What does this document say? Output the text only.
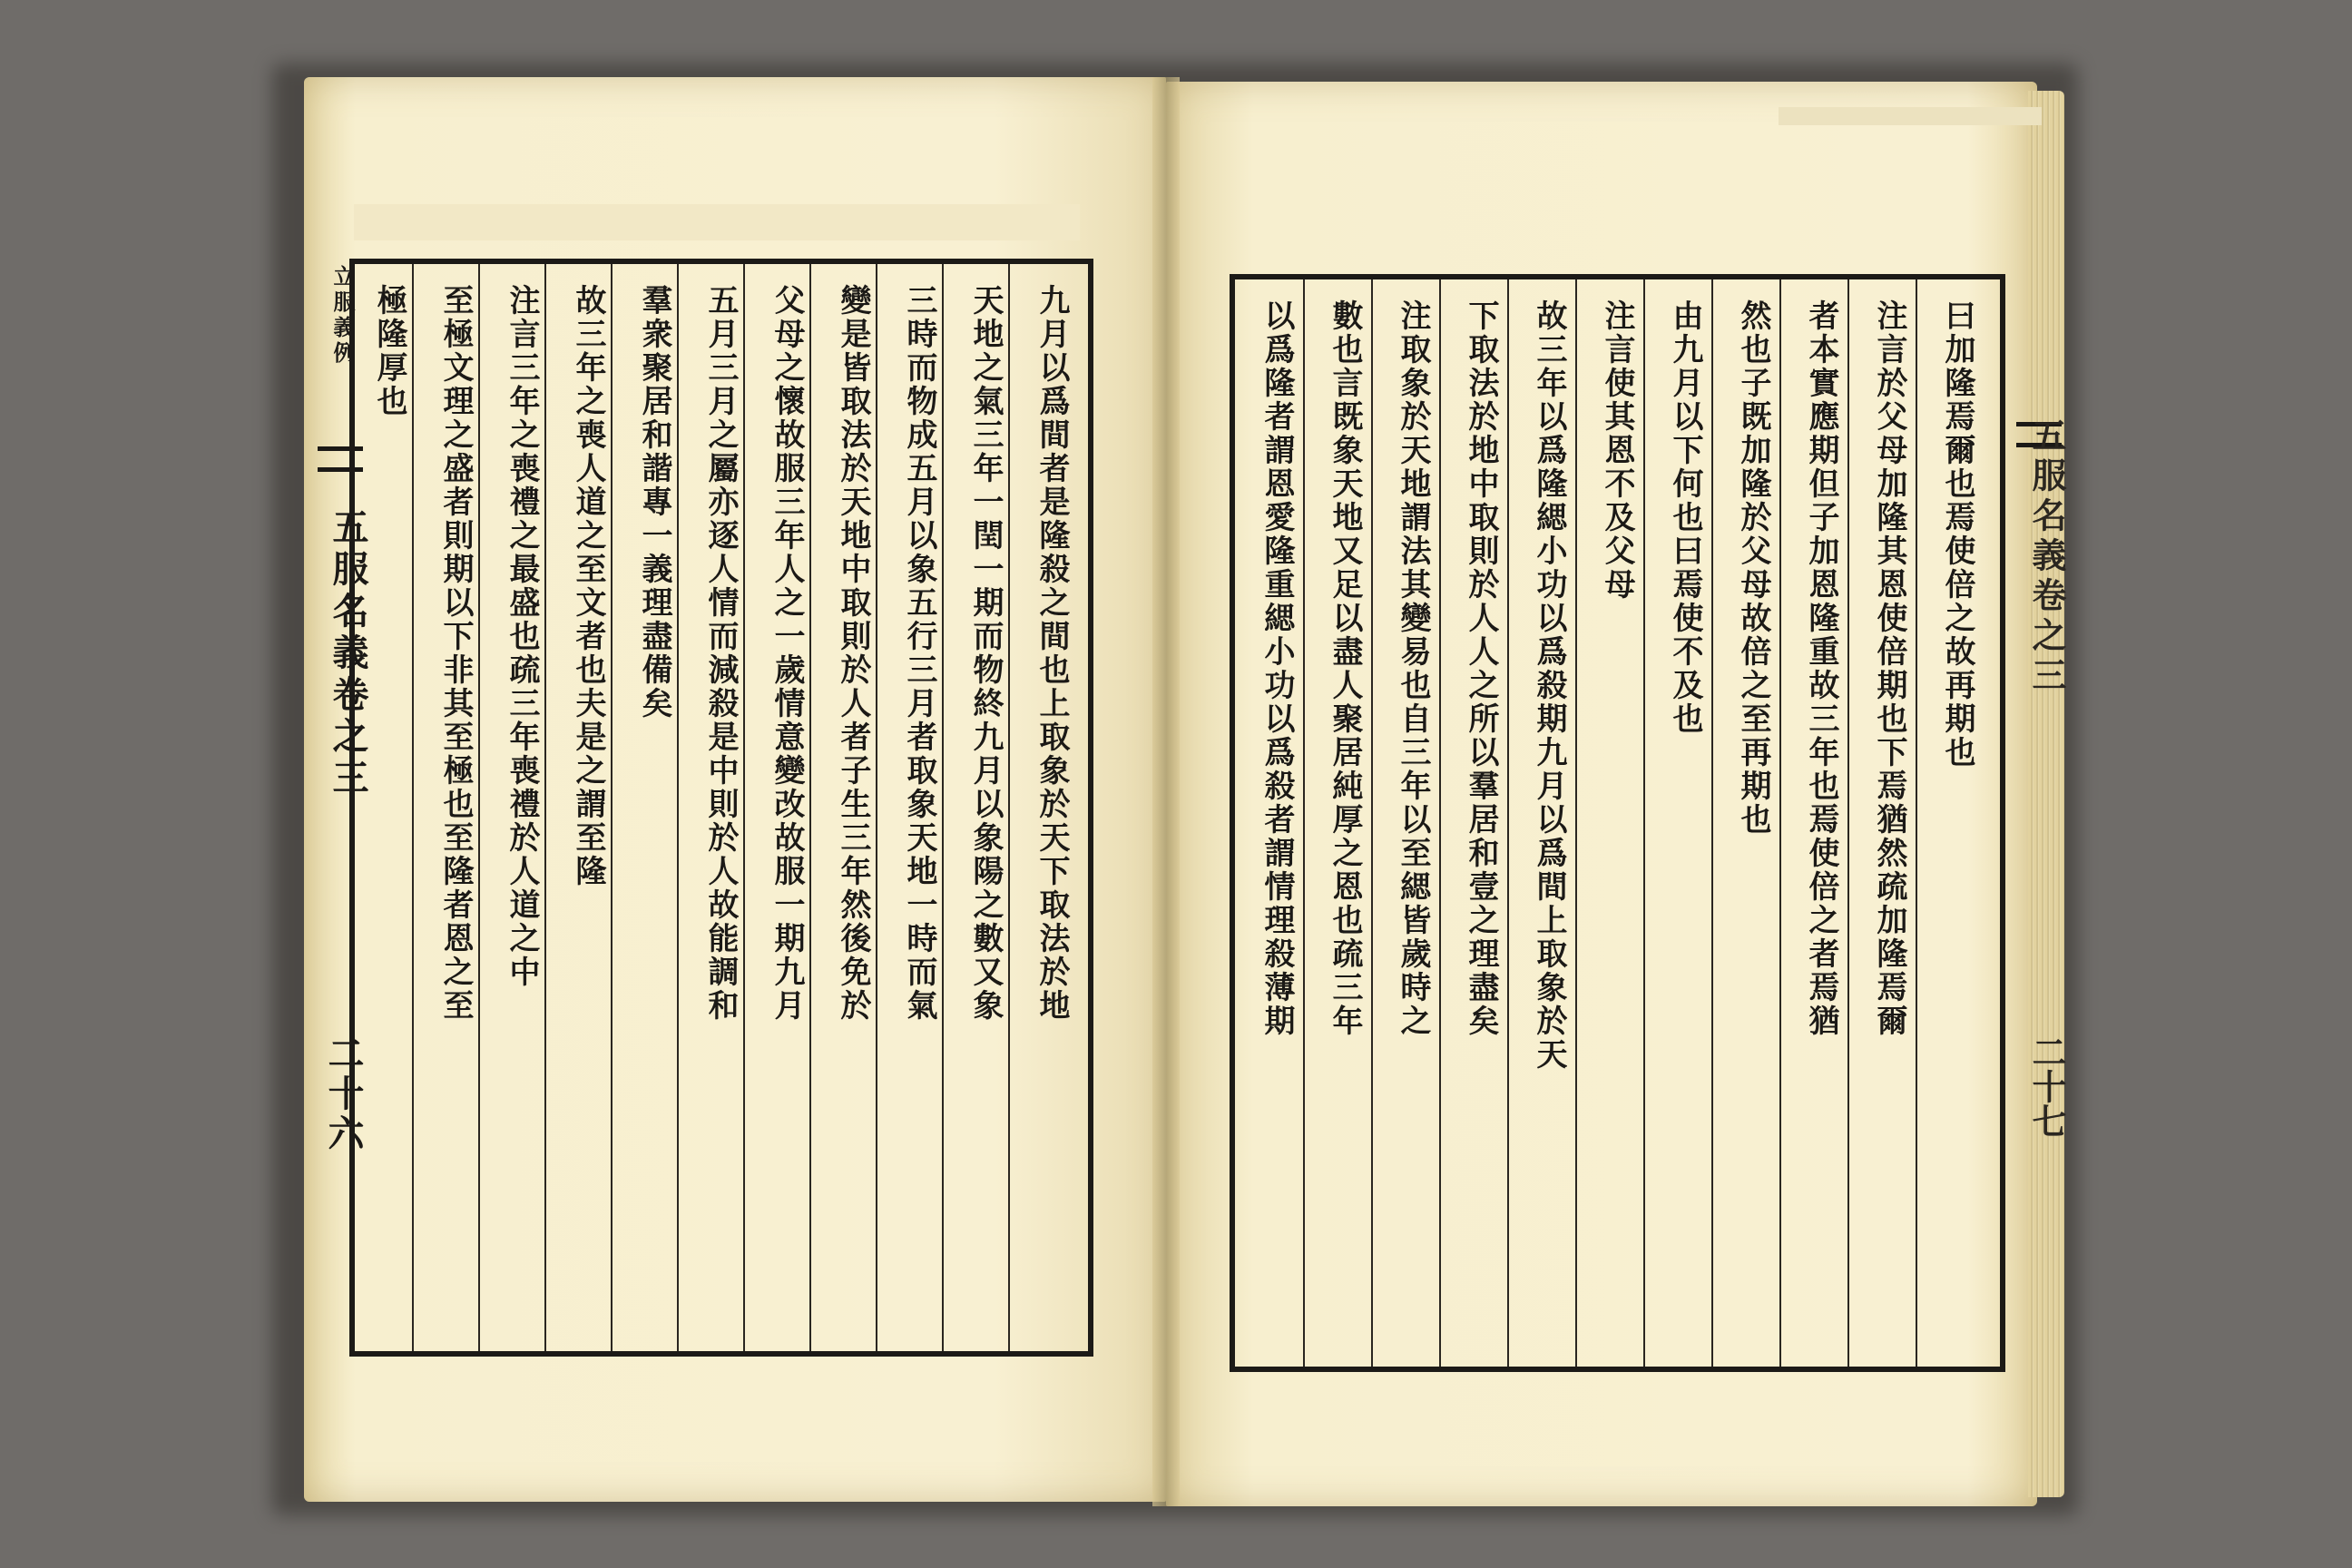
立服義例
五服名義卷之三
二十六
九月以爲間者是隆殺之間也上取象於天下取法於地
天地之氣三年一閏一期而物終九月以象陽之數又象
三時而物成五月以象五行三月者取象天地一時而氣
變是皆取法於天地中取則於人者子生三年然後免於
父母之懷故服三年人之一歲情意變改故服一期九月
五月三月之屬亦逐人情而減殺是中則於人故能調和
羣衆聚居和諧專一義理盡備矣
故三年之喪人道之至文者也夫是之謂至隆
注言三年之喪禮之最盛也疏三年喪禮於人道之中
至極文理之盛者則期以下非其至極也至隆者恩之至
極隆厚也	曰加隆焉爾也焉使倍之故再期也
注言於父母加隆其恩使倍期也下焉猶然疏加隆焉爾
者本實應期但子加恩隆重故三年也焉使倍之者焉猶
然也子既加隆於父母故倍之至再期也
由九月以下何也曰焉使不及也
注言使其恩不及父母
故三年以爲隆緦小功以爲殺期九月以爲間上取象於天
下取法於地中取則於人人之所以羣居和壹之理盡矣
注取象於天地謂法其變易也自三年以至緦皆歲時之
數也言既象天地又足以盡人聚居純厚之恩也疏三年
以爲隆者謂恩愛隆重緦小功以爲殺者謂情理殺薄期	五服名義卷之三
二十七
